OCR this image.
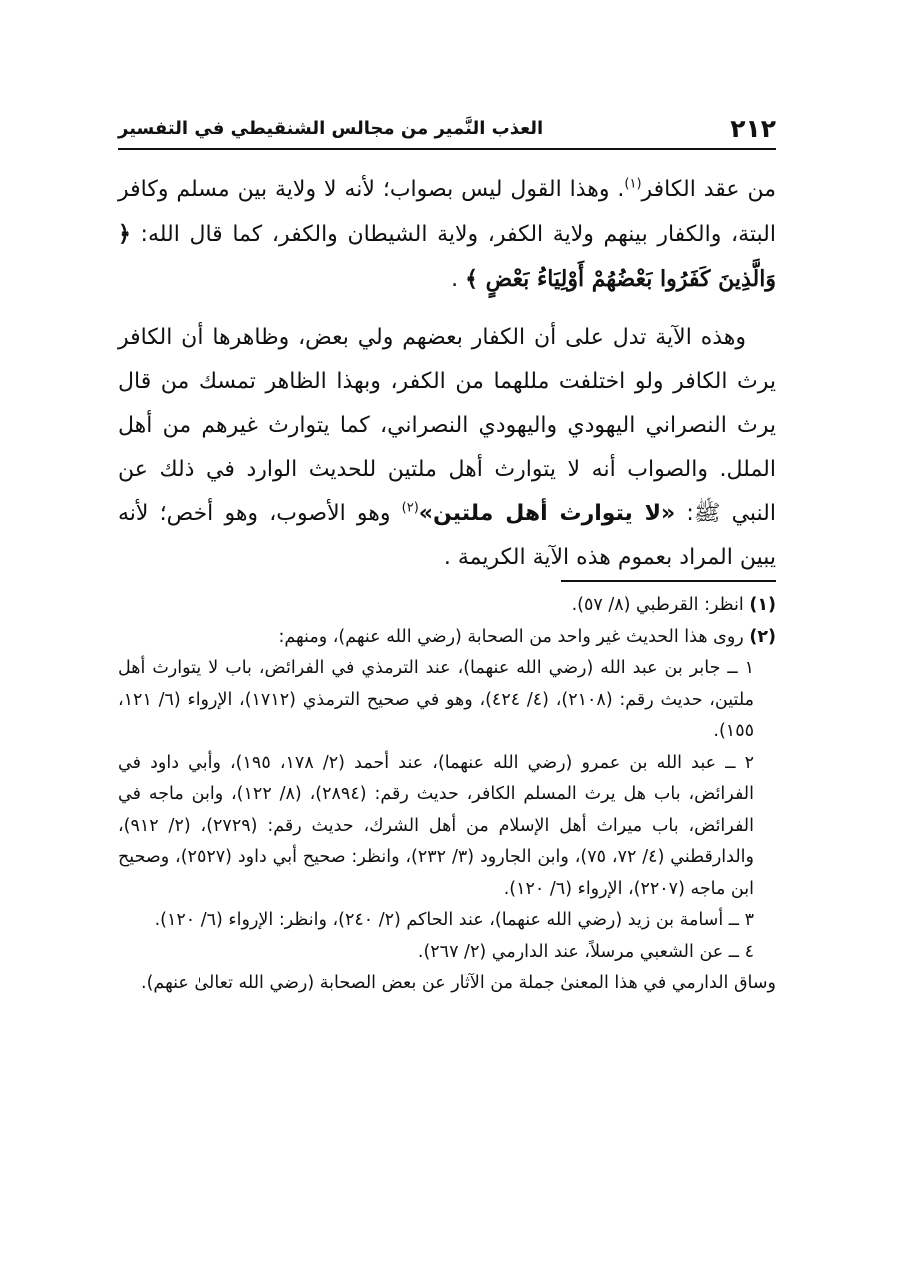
٢١٢
العذب النَّمير من مجالس الشنقيطي في التفسير

من عقد الكافر$^{(١)}$. وهذا القول ليس بصواب؛ لأنه لا ولاية بين مسلم وكافر البتة، والكفار بينهم ولاية الكفر، ولاية الشيطان والكفر، كما قال الله: ﴿ وَالَّذِينَ كَفَرُوا بَعْضُهُمْ أَوْلِيَاءُ بَعْضٍ ﴾ .

وهذه الآية تدل على أن الكفار بعضهم ولي بعض، وظاهرها أن الكافر يرث الكافر ولو اختلفت مللهما من الكفر، وبهذا الظاهر تمسك من قال يرث النصراني اليهودي واليهودي النصراني، كما يتوارث غيرهم من أهل الملل. والصواب أنه لا يتوارث أهل ملتين للحديث الوارد في ذلك عن النبي ﷺ: «لا يتوارث أهل ملتين»$^{(٢)}$ وهو الأصوب، وهو أخص؛ لأنه يبين المراد بعموم هذه الآية الكريمة .

(١) انظر: القرطبي (٨/ ٥٧).

(٢) روى هذا الحديث غير واحد من الصحابة (رضي الله عنهم)، ومنهم:

١ ــ جابر بن عبد الله (رضي الله عنهما)، عند الترمذي في الفرائض، باب لا يتوارث أهل ملتين، حديث رقم: (٢١٠٨)، (٤/ ٤٢٤)، وهو في صحيح الترمذي (١٧١٢)، الإرواء (٦/ ١٢١، ١٥٥).

٢ ــ عبد الله بن عمرو (رضي الله عنهما)، عند أحمد (٢/ ١٧٨، ١٩٥)، وأبي داود في الفرائض، باب هل يرث المسلم الكافر، حديث رقم: (٢٨٩٤)، (٨/ ١٢٢)، وابن ماجه في الفرائض، باب ميراث أهل الإسلام من أهل الشرك، حديث رقم: (٢٧٢٩)، (٢/ ٩١٢)، والدارقطني (٤/ ٧٢، ٧٥)، وابن الجارود (٣/ ٢٣٢)، وانظر: صحيح أبي داود (٢٥٢٧)، وصحيح ابن ماجه (٢٢٠٧)، الإرواء (٦/ ١٢٠).

٣ ــ أسامة بن زيد (رضي الله عنهما)، عند الحاكم (٢/ ٢٤٠)، وانظر: الإرواء (٦/ ١٢٠).

٤ ــ عن الشعبي مرسلاً، عند الدارمي (٢/ ٢٦٧).

وساق الدارمي في هذا المعنىٰ جملة من الآثار عن بعض الصحابة (رضي الله تعالىٰ عنهم).
